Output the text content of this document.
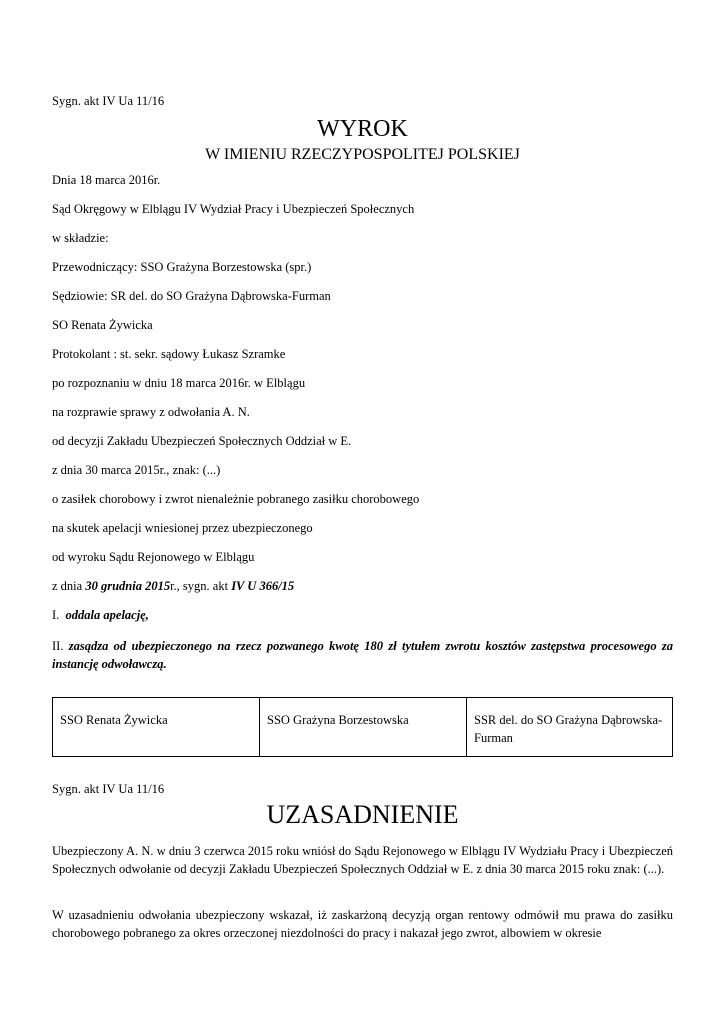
Sygn. akt IV Ua 11/16
WYROK
W IMIENIU RZECZYPOSPOLITEJ POLSKIEJ
Dnia 18 marca 2016r.
Sąd Okręgowy w Elblągu IV Wydział Pracy i Ubezpieczeń Społecznych
w składzie:
Przewodniczący: SSO Grażyna Borzestowska (spr.)
Sędziowie: SR del. do SO Grażyna Dąbrowska-Furman
SO Renata Żywicka
Protokolant : st. sekr. sądowy Łukasz Szramke
po rozpoznaniu w dniu 18 marca 2016r. w Elblągu
na rozprawie sprawy z odwołania A. N.
od decyzji Zakładu Ubezpieczeń Społecznych Oddział w E.
z dnia 30 marca 2015r., znak: (...)
o zasiłek chorobowy i zwrot nienależnie pobranego zasiłku chorobowego
na skutek apelacji wniesionej przez ubezpieczonego
od wyroku Sądu Rejonowego w Elblągu
z dnia 30 grudnia 2015r., sygn. akt IV U 366/15
I. oddala apelację,
II. zasądza od ubezpieczonego na rzecz pozwanego kwotę 180 zł tytułem zwrotu kosztów zastępstwa procesowego za instancję odwoławczą.
SSO Renata Żywicka	SSO Grażyna Borzestowska	SSR del. do SO Grażyna Dąbrowska-Furman
Sygn. akt IV Ua 11/16
UZASADNIENIE
Ubezpieczony A. N. w dniu 3 czerwca 2015 roku wniósł do Sądu Rejonowego w Elblągu IV Wydziału Pracy i Ubezpieczeń Społecznych odwołanie od decyzji Zakładu Ubezpieczeń Społecznych Oddział w E. z dnia 30 marca 2015 roku znak: (...).
W uzasadnieniu odwołania ubezpieczony wskazał, iż zaskarżoną decyzją organ rentowy odmówił mu prawa do zasiłku chorobowego pobranego za okres orzeczonej niezdolności do pracy i nakazał jego zwrot, albowiem w okresie
